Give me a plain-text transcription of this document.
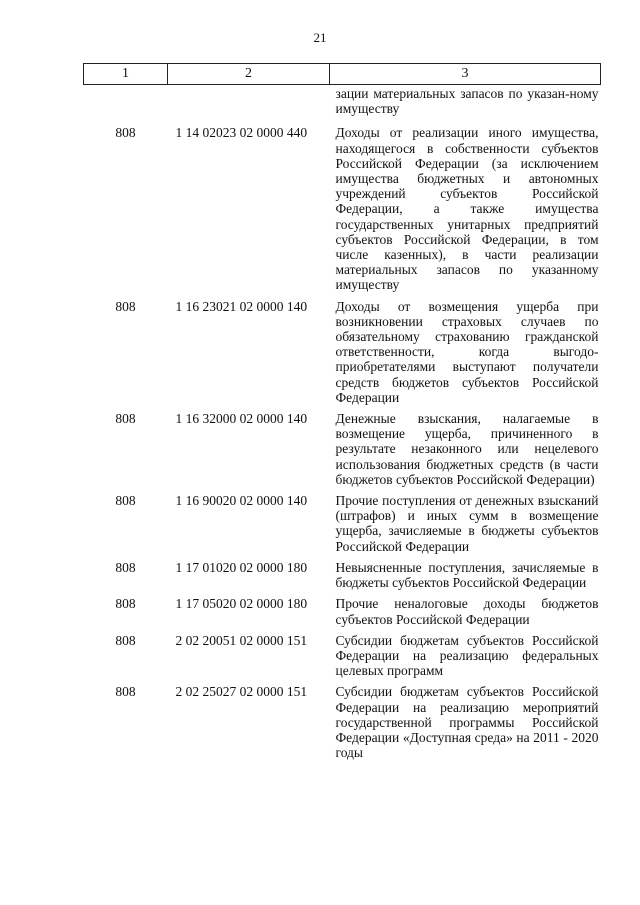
21
1	2	3
		зации материальных запасов по указан-ному имуществу
808	1 14 02023 02 0000 440	Доходы от реализации иного имущества, находящегося в собственности субъектов Российской Федерации (за исключением имущества бюджетных и автономных учреждений субъектов Российской Федерации, а также имущества государственных унитарных предприятий субъектов Российской Федерации, в том числе казенных), в части реализации материальных запасов по указанному имуществу
808	1 16 23021 02 0000 140	Доходы от возмещения ущерба при возникновении страховых случаев по обязательному страхованию гражданской ответственности, когда выгодоприобретателями выступают получатели средств бюджетов субъектов Российской Федерации
808	1 16 32000 02 0000 140	Денежные взыскания, налагаемые в возмещение ущерба, причиненного в результате незаконного или нецелевого использования бюджетных средств (в части бюджетов субъектов Российской Федерации)
808	1 16 90020 02 0000 140	Прочие поступления от денежных взысканий (штрафов) и иных сумм в возмещение ущерба, зачисляемые в бюджеты субъектов Российской Федерации
808	1 17 01020 02 0000 180	Невыясненные поступления, зачисляемые в бюджеты субъектов Российской Федерации
808	1 17 05020 02 0000 180	Прочие неналоговые доходы бюджетов субъектов Российской Федерации
808	2 02 20051 02 0000 151	Субсидии бюджетам субъектов Российской Федерации на реализацию федеральных целевых программ
808	2 02 25027 02 0000 151	Субсидии бюджетам субъектов Российской Федерации на реализацию мероприятий государственной программы Российской Федерации «Доступная среда» на 2011 - 2020 годы
